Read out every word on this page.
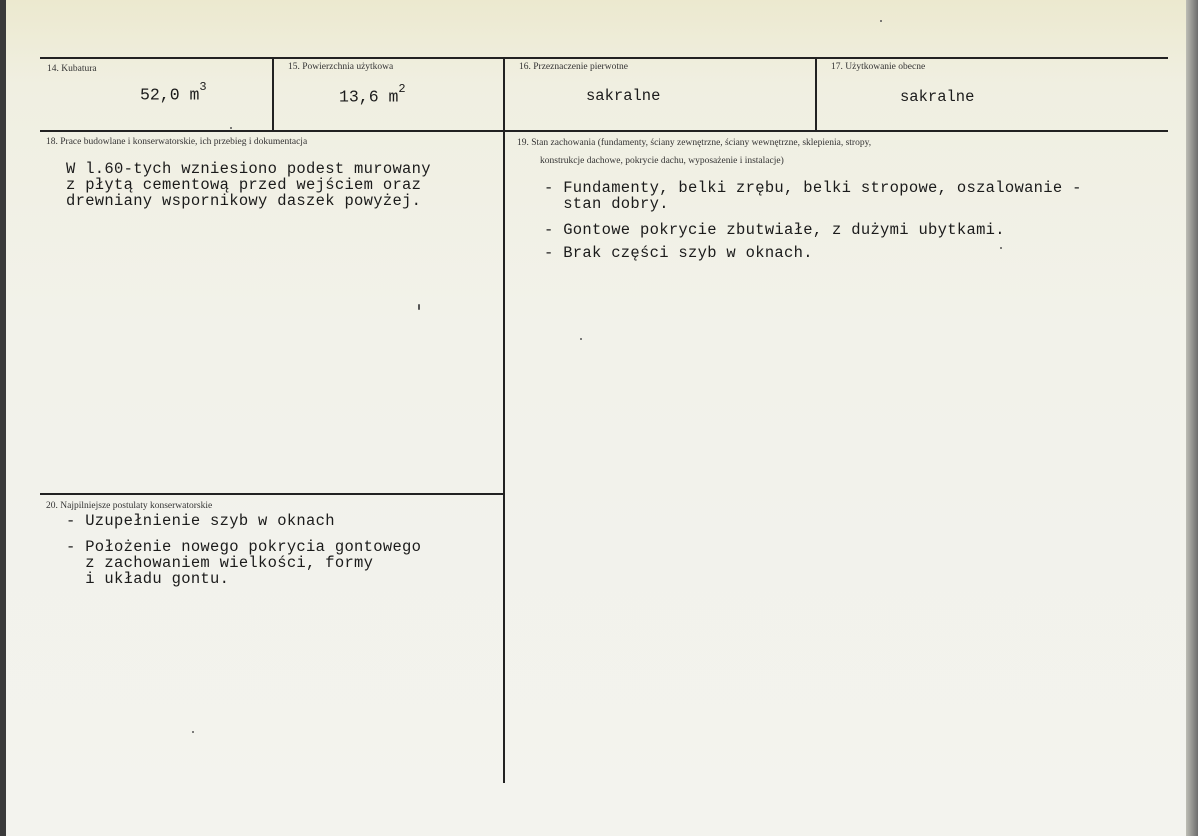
14. Kubatura
52,0 $m^3$
15. Powierzchnia użytkowa
13,6 $m^2$
16. Przeznaczenie pierwotne
sakralne
17. Użytkowanie obecne
sakralne
18. Prace budowlane i konserwatorskie, ich przebieg i dokumentacja
W l.60-tych wzniesiono podest murowany
z płytą cementową przed wejściem oraz
drewniany wspornikowy daszek powyżej.
19. Stan zachowania (fundamenty, ściany zewnętrzne, ściany wewnętrzne, sklepienia, stropy,
konstrukcje dachowe, pokrycie dachu, wyposażenie i instalacje)
- Fundamenty, belki zrębu, belki stropowe, oszalowanie -
stan dobry.
- Gontowe pokrycie zbutwiałe, z dużymi ubytkami.
- Brak części szyb w oknach.
20. Najpilniejsze postulaty konserwatorskie
- Uzupełnienie szyb w oknach
- Położenie nowego pokrycia gontowego
z zachowaniem wielkości, formy
i układu gontu.
